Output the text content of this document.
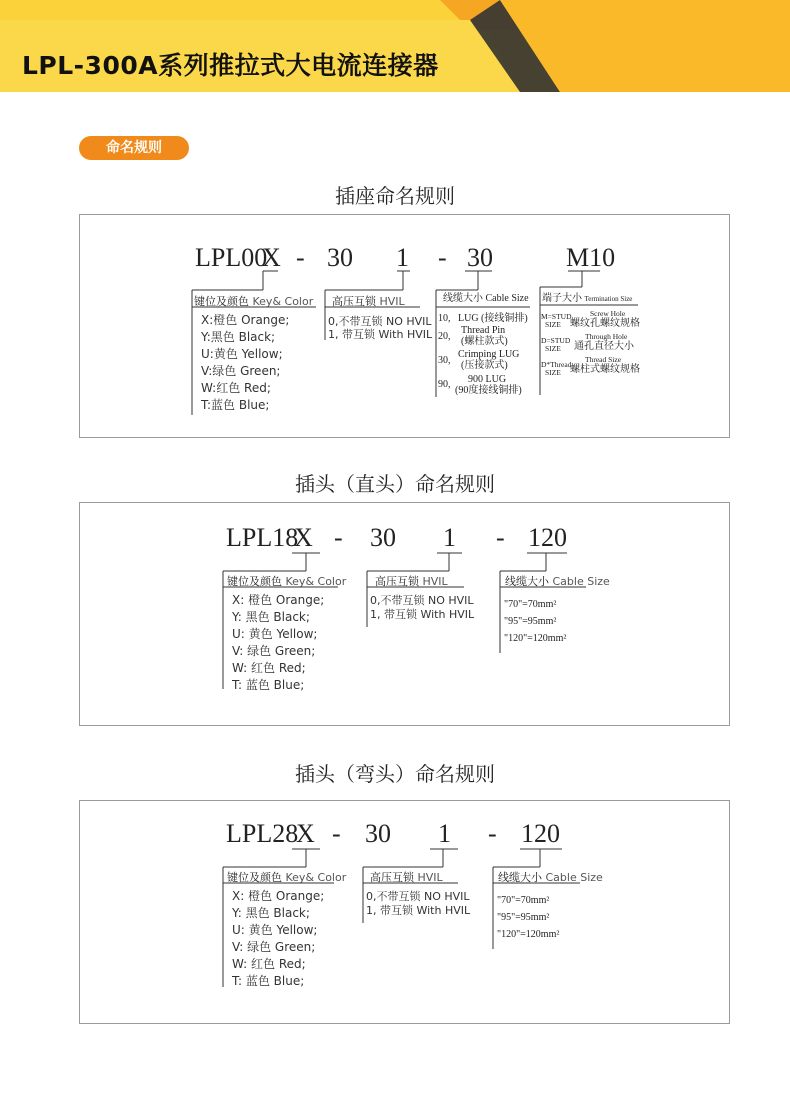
LPL-300A系列推拉式大电流连接器
命名规则
插座命名规则
LPL00
X - 30 1 - 30	M10
键位及颜色 Key& Color
X:橙色 Orange;
Y:黑色 Black;
U:黄色 Yellow;
V:绿色 Green;
W:红色 Red;
T:蓝色 Blue;
高压互锁 HVIL
0,不带互锁 NO HVIL
1, 带互锁 With HVIL
线缆大小 Cable Size
10, LUG (接线铜排)
20,
Thread Pin
(螺柱款式)
30,
Crimping LUG
(压接款式)
90, 900 LUG
(90度接线铜排)
端子大小 Termination Size
M=STUD
SIZE
Screw Hole
螺纹孔螺纹规格
D=STUD
SIZE
Through Hole
通孔直径大小
D*Thread
SIZE
Thread Size
螺柱式螺纹规格
插头（直头）命名规则
LPL18
X - 30 1 - 120
键位及颜色 Key& Color
X: 橙色 Orange;
Y: 黑色 Black;
U: 黄色 Yellow;
V: 绿色 Green;
W: 红色 Red;
T: 蓝色 Blue;
高压互锁 HVIL
0,不带互锁 NO HVIL
1, 带互锁 With HVIL
线缆大小 Cable Size
"70"=70mm²
"95"=95mm²
"120"=120mm²
插头（弯头）命名规则
LPL28
X - 30 1 - 120
键位及颜色 Key& Color
X: 橙色 Orange;
Y: 黑色 Black;
U: 黄色 Yellow;
V: 绿色 Green;
W: 红色 Red;
T: 蓝色 Blue;
高压互锁 HVIL
0,不带互锁 NO HVIL
1, 带互锁 With HVIL
线缆大小 Cable Size
"70"=70mm²
"95"=95mm²
"120"=120mm²
